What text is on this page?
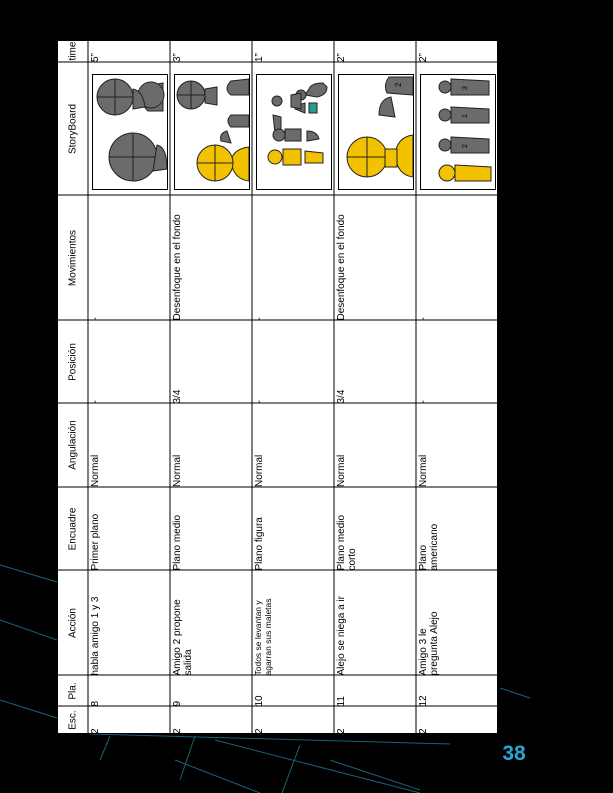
time
StoryBoard
Movimientos
Posición
Angulación
Encuadre
Acción
Pla.
Esc.
5”
-
-
Normal
Primer plano
habla amigo 1 y 3
8
2
3”
Desenfoque en el fondo
3/4
Normal
Plano medio
Amigo 2 propone salida
9
2
1”
-
-
Normal
Plano figura
Todos se levantan y agarran sus maletas
10
2
2”
Desenfoque en el fondo
3/4
Normal
Plano medio corto
Alejo se niega a ir
11
2
2
2”
-
-
Normal
Plano americano
Amigo 3 le pregunta Alejo
12
2
3
1
2
38
